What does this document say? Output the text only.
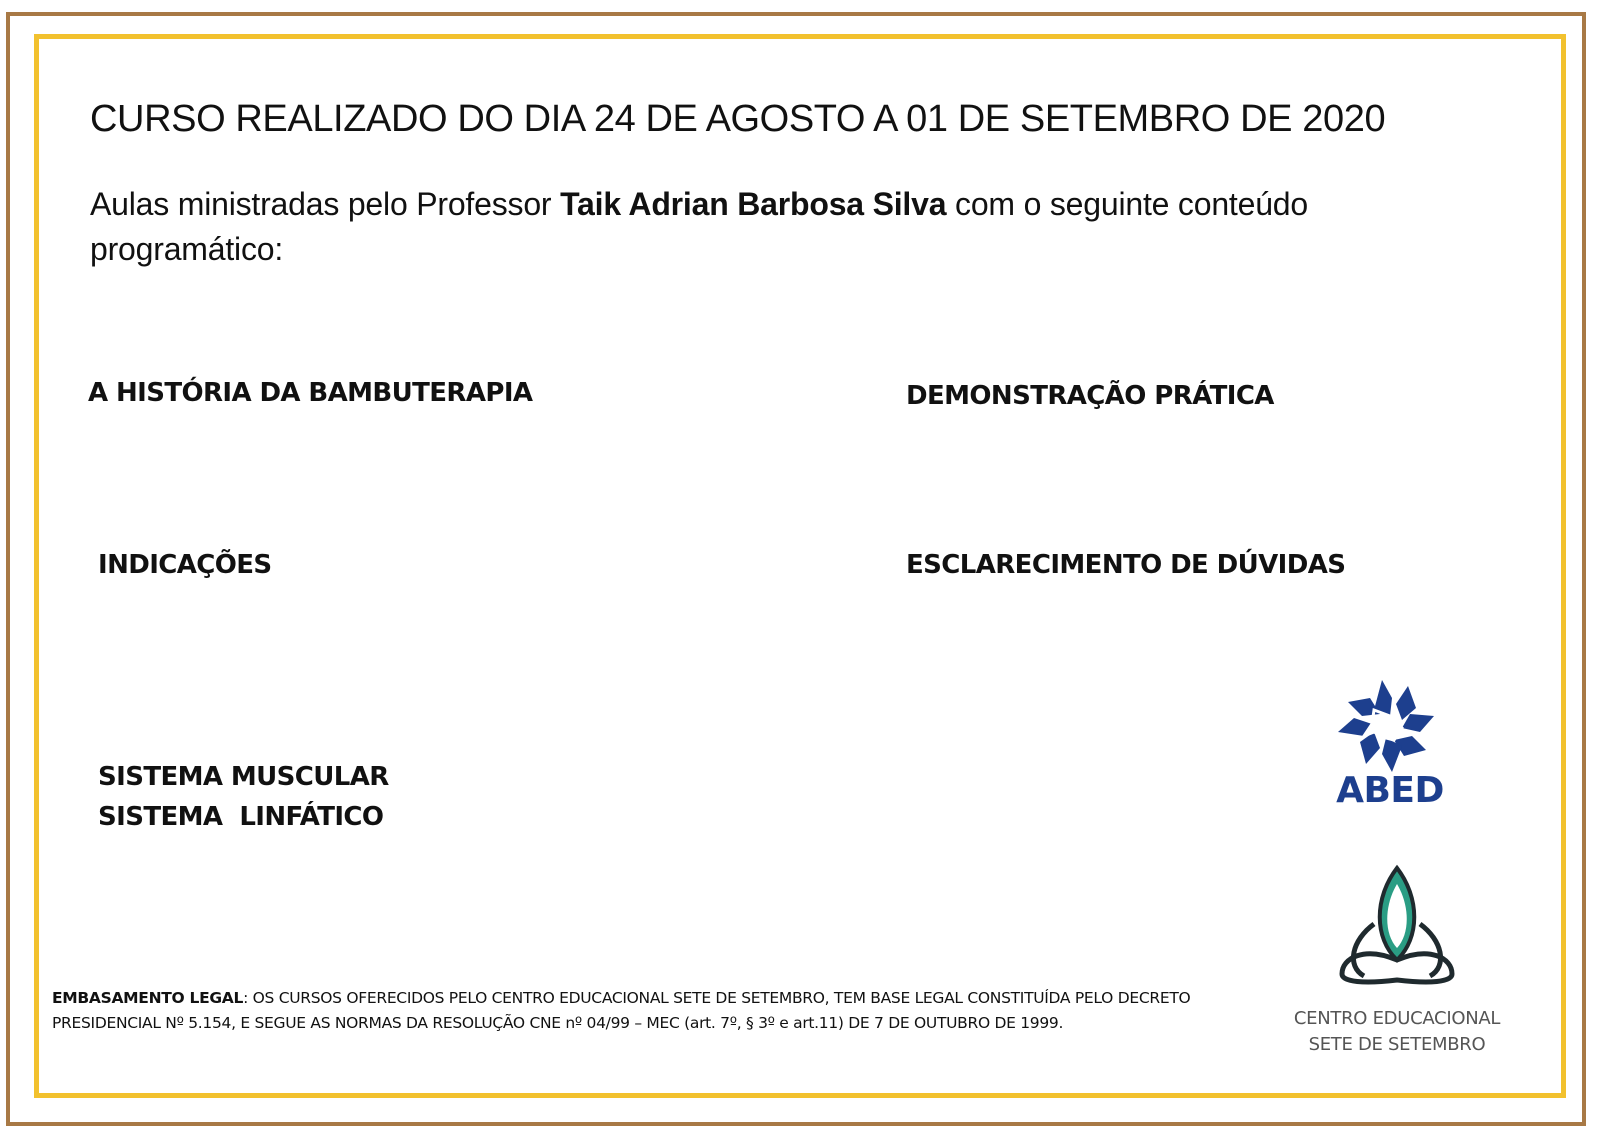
CURSO REALIZADO DO DIA 24 DE AGOSTO A 01 DE SETEMBRO DE 2020
Aulas ministradas pelo Professor Taik Adrian Barbosa Silva com o seguinte conteúdo programático:
A HISTÓRIA DA BAMBUTERAPIA	DEMONSTRAÇÃO PRÁTICA
INDICAÇÕES	ESCLARECIMENTO DE DÚVIDAS
SISTEMA MUSCULAR
SISTEMA  LINFÁTICO
ABED
CENTRO EDUCACIONAL
SETE DE SETEMBRO
EMBASAMENTO LEGAL: OS CURSOS OFERECIDOS PELO CENTRO EDUCACIONAL SETE DE SETEMBRO, TEM BASE LEGAL CONSTITUÍDA PELO DECRETO PRESIDENCIAL Nº 5.154, E SEGUE AS NORMAS DA RESOLUÇÃO CNE nº 04/99 – MEC (art. 7º, § 3º e art.11) DE 7 DE OUTUBRO DE 1999.
